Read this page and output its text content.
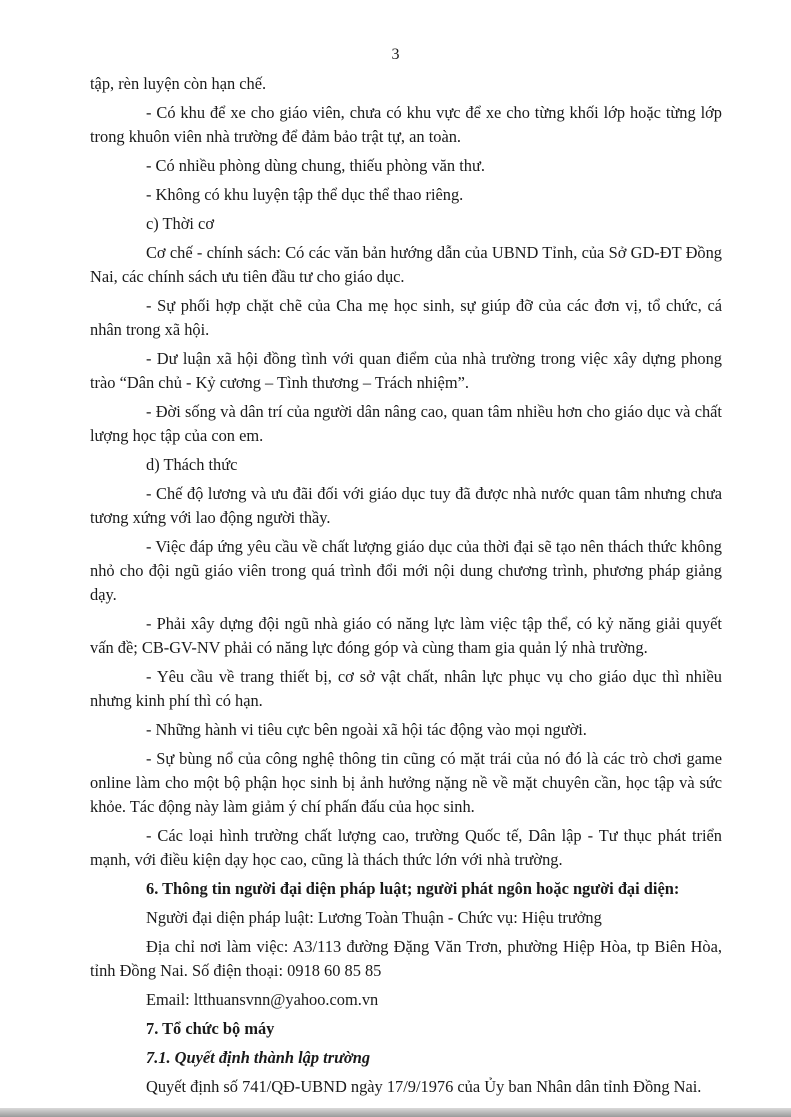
3

tập, rèn luyện còn hạn chế.

- Có khu để xe cho giáo viên, chưa có khu vực để xe cho từng khối lớp hoặc từng lớp trong khuôn viên nhà trường để đảm bảo trật tự, an toàn.

- Có nhiều phòng dùng chung, thiếu phòng văn thư.

- Không có khu luyện tập thể dục thể thao riêng.

c) Thời cơ

Cơ chế - chính sách: Có các văn bản hướng dẫn của UBND Tỉnh, của Sở GD-ĐT Đồng Nai, các chính sách ưu tiên đầu tư cho giáo dục.

- Sự phối hợp chặt chẽ của Cha mẹ học sinh, sự giúp đỡ của các đơn vị, tổ chức, cá nhân trong xã hội.

- Dư luận xã hội đồng tình với quan điểm của nhà trường trong việc xây dựng phong trào “Dân chủ - Kỷ cương – Tình thương – Trách nhiệm”.

- Đời sống và dân trí của người dân nâng cao, quan tâm nhiều hơn cho giáo dục và chất lượng học tập của con em.

d) Thách thức

- Chế độ lương và ưu đãi đối với giáo dục tuy đã được nhà nước quan tâm nhưng chưa tương xứng với lao động người thầy.

- Việc đáp ứng yêu cầu về chất lượng giáo dục của thời đại sẽ tạo nên thách thức không nhỏ cho đội ngũ giáo viên trong quá trình đổi mới nội dung chương trình, phương pháp giảng dạy.

- Phải xây dựng đội ngũ nhà giáo có năng lực làm việc tập thể, có kỷ năng giải quyết vấn đề; CB-GV-NV phải có năng lực đóng góp và cùng tham gia quản lý nhà trường.

- Yêu cầu về trang thiết bị, cơ sở vật chất, nhân lực phục vụ cho giáo dục thì nhiều nhưng kinh phí thì có hạn.

- Những hành vi tiêu cực bên ngoài xã hội tác động vào mọi người.

- Sự bùng nổ của công nghệ thông tin cũng có mặt trái của nó đó là các trò chơi game online làm cho một bộ phận học sinh bị ảnh hưởng nặng nề về mặt chuyên cần, học tập và sức khỏe. Tác động này làm giảm ý chí phấn đấu của học sinh.

- Các loại hình trường chất lượng cao, trường Quốc tế, Dân lập - Tư thục phát triển mạnh, với điều kiện dạy học cao, cũng là thách thức lớn với nhà trường.

6. Thông tin người đại diện pháp luật; người phát ngôn hoặc người đại diện:

Người đại diện pháp luật: Lương Toàn Thuận - Chức vụ: Hiệu trưởng

Địa chỉ nơi làm việc: A3/113 đường Đặng Văn Trơn, phường Hiệp Hòa, tp Biên Hòa, tỉnh Đồng Nai. Số điện thoại: 0918 60 85 85

Email: ltthuansvnn@yahoo.com.vn

7. Tổ chức bộ máy

7.1. Quyết định thành lập trường

Quyết định số 741/QĐ-UBND ngày 17/9/1976 của Ủy ban Nhân dân tỉnh Đồng Nai.
